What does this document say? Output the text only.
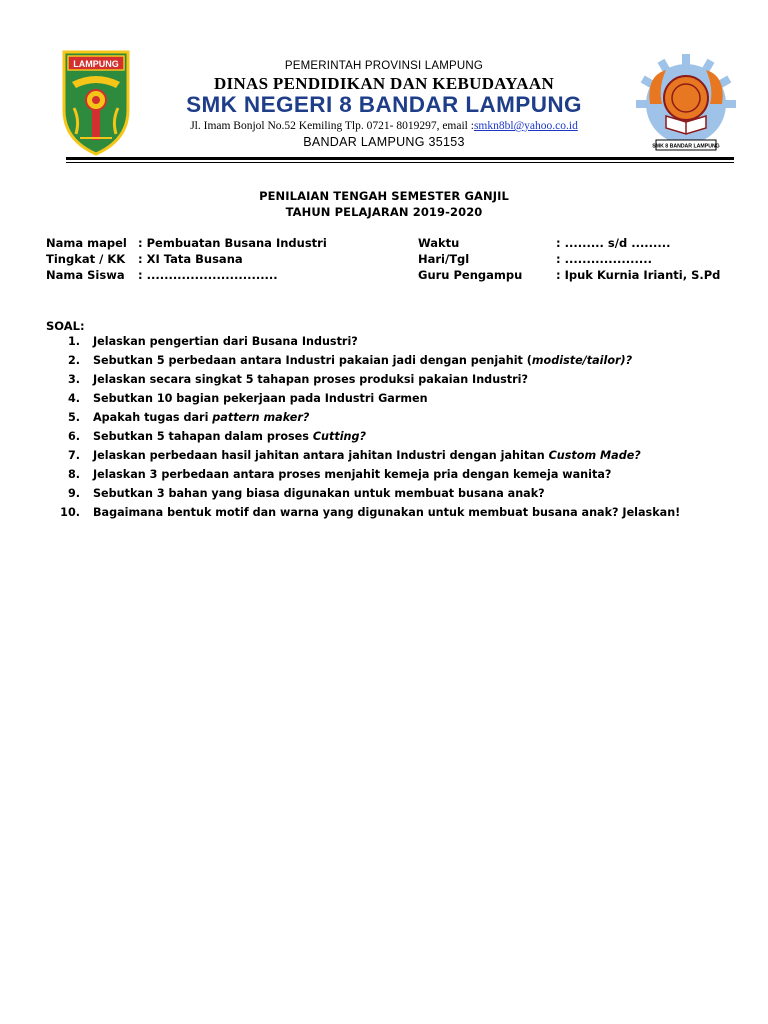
LAMPUNG	PEMERINTAH PROVINSI LAMPUNG
DINAS PENDIDIKAN DAN KEBUDAYAAN
SMK NEGERI 8 BANDAR LAMPUNG
Jl. Imam Bonjol No.52 Kemiling Tlp. 0721- 8019297, email :smkn8bl@yahoo.co.id
BANDAR LAMPUNG 35153	SMK 8 BANDAR LAMPUNG
PENILAIAN TENGAH SEMESTER GANJIL
TAHUN PELAJARAN 2019-2020
Nama mapel : Pembuatan Busana Industri	Waktu	: ......... s/d .........
Tingkat / KK : XI Tata Busana	Hari/Tgl	: ....................
Nama Siswa : ..............................	Guru Pengampu	: Ipuk Kurnia Irianti, S.Pd
SOAL:
1. Jelaskan pengertian dari Busana Industri?
2. Sebutkan 5 perbedaan antara Industri pakaian jadi dengan penjahit (modiste/tailor)?
3. Jelaskan secara singkat 5 tahapan proses produksi pakaian Industri?
4. Sebutkan 10 bagian pekerjaan pada Industri Garmen
5. Apakah tugas dari pattern maker?
6. Sebutkan 5 tahapan dalam proses Cutting?
7. Jelaskan perbedaan hasil jahitan antara jahitan Industri dengan jahitan Custom Made?
8. Jelaskan 3 perbedaan antara proses menjahit kemeja pria dengan kemeja wanita?
9. Sebutkan 3 bahan yang biasa digunakan untuk membuat busana anak?
10. Bagaimana bentuk motif dan warna yang digunakan untuk membuat busana anak? Jelaskan!
